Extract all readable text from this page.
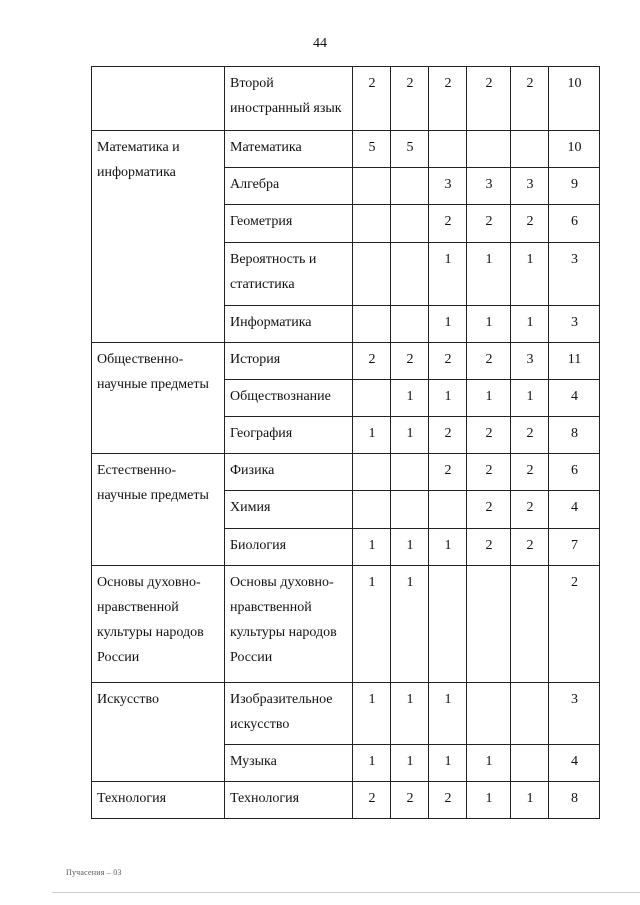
44
	Второй иностранный язык	2	2	2	2	2	10
Математика и информатика	Математика	5	5				10
	Алгебра			3	3	3	9
	Геометрия			2	2	2	6
	Вероятность и статистика			1	1	1	3
	Информатика			1	1	1	3
Общественно-научные предметы	История	2	2	2	2	3	11
	Обществознание		1	1	1	1	4
	География	1	1	2	2	2	8
Естественно-научные предметы	Физика			2	2	2	6
	Химия				2	2	4
	Биология	1	1	1	2	2	7
Основы духовно-нравственной культуры народов России	Основы духовно-нравственной культуры народов России	1	1				2
Искусство	Изобразительное искусство	1	1	1			3
	Музыка	1	1	1	1		4
Технология	Технология	2	2	2	1	1	8
Пучасения – 03
